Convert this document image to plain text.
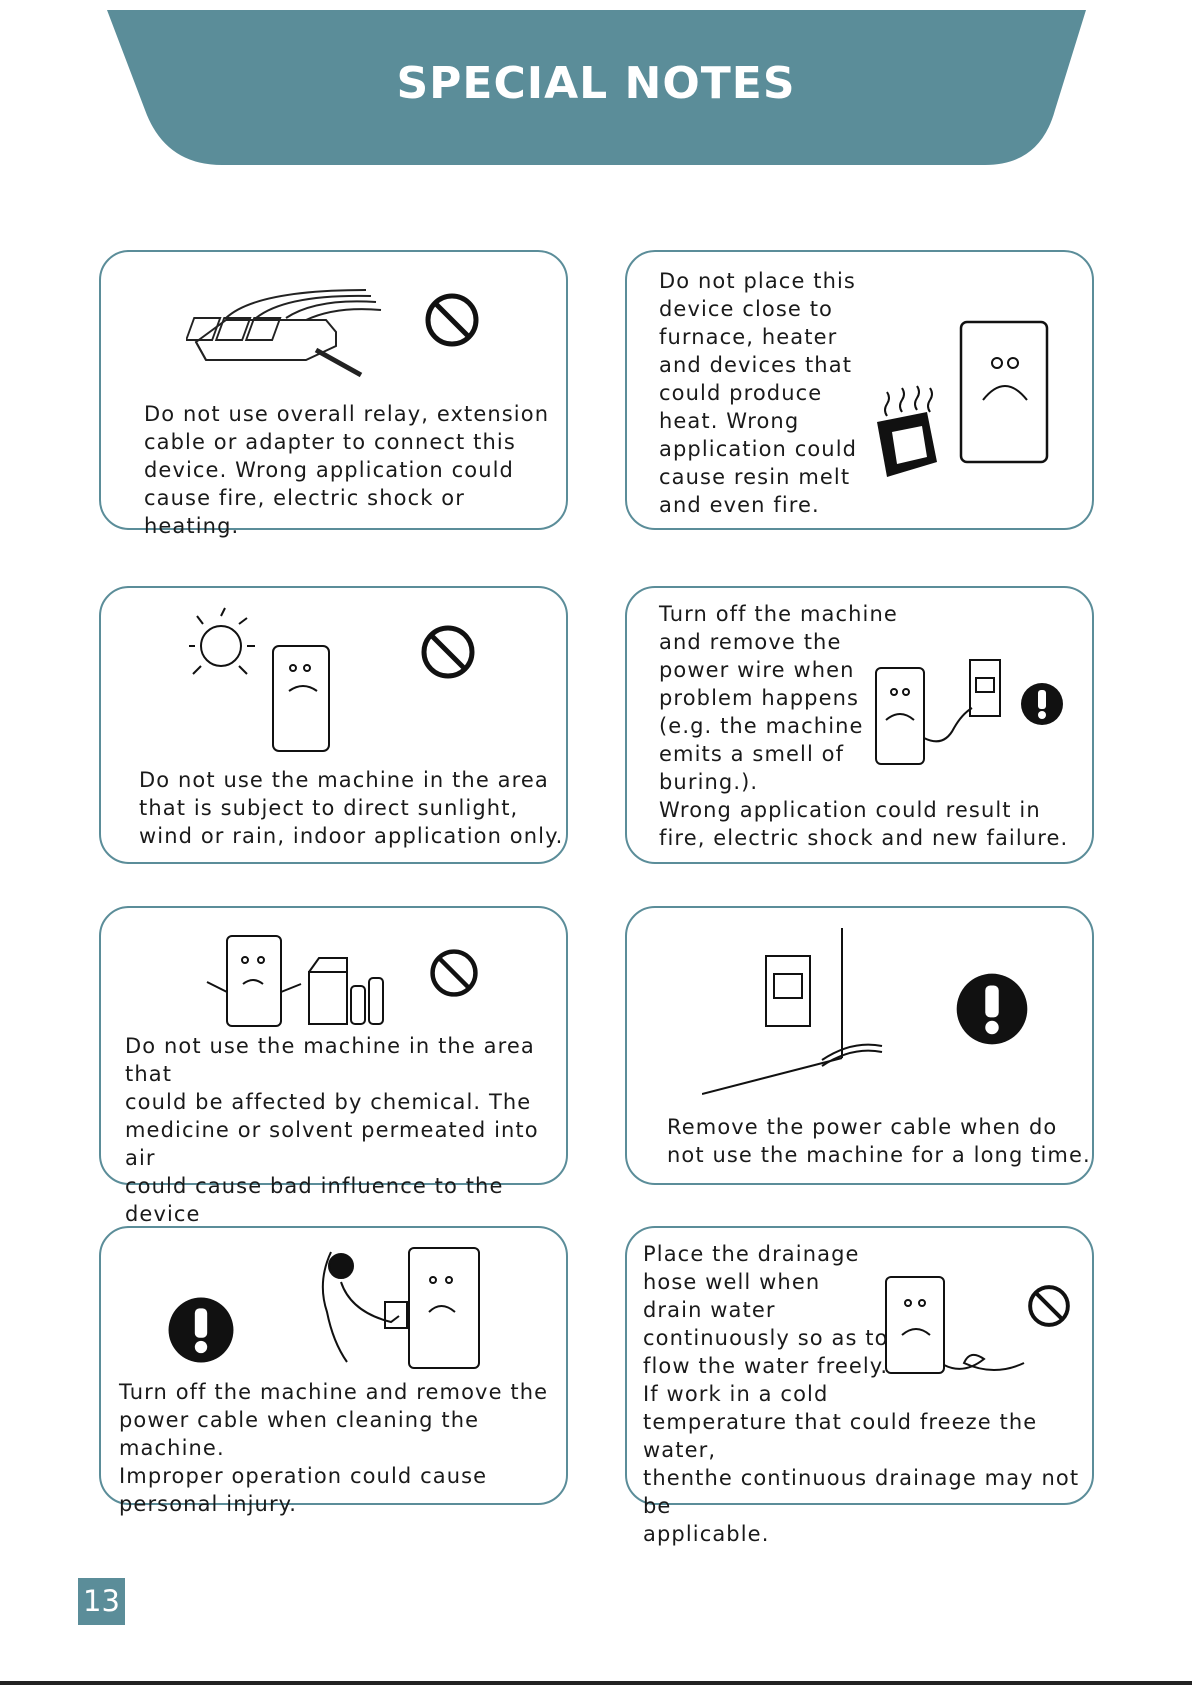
SPECIAL NOTES

Do not use overall relay, extension
cable or adapter to connect this
device. Wrong application could
cause fire, electric shock or heating.

Do not place this
device close to
furnace, heater
and devices that
could produce
heat. Wrong
application could
cause resin melt
and even fire.

Do not use the machine in the area
that is subject to direct sunlight,
wind or rain, indoor application only.

Turn off the machine
and remove the
power wire when
problem happens
(e.g. the machine
emits a smell of
buring.).
Wrong application could result in
fire, electric shock and new failure.

Do not use the machine in the area that
could be affected by chemical. The
medicine or solvent permeated into air
could cause bad influence to the device

Remove the power cable when do
not use the machine for a long time.

Turn off the machine and remove the
power cable when cleaning the machine.
Improper operation could cause
personal injury.

Place the drainage
hose well when
drain water
continuously so as to
flow the water freely.
If work in a cold
temperature that could freeze the water,
thenthe continuous drainage may not be
applicable.

13
